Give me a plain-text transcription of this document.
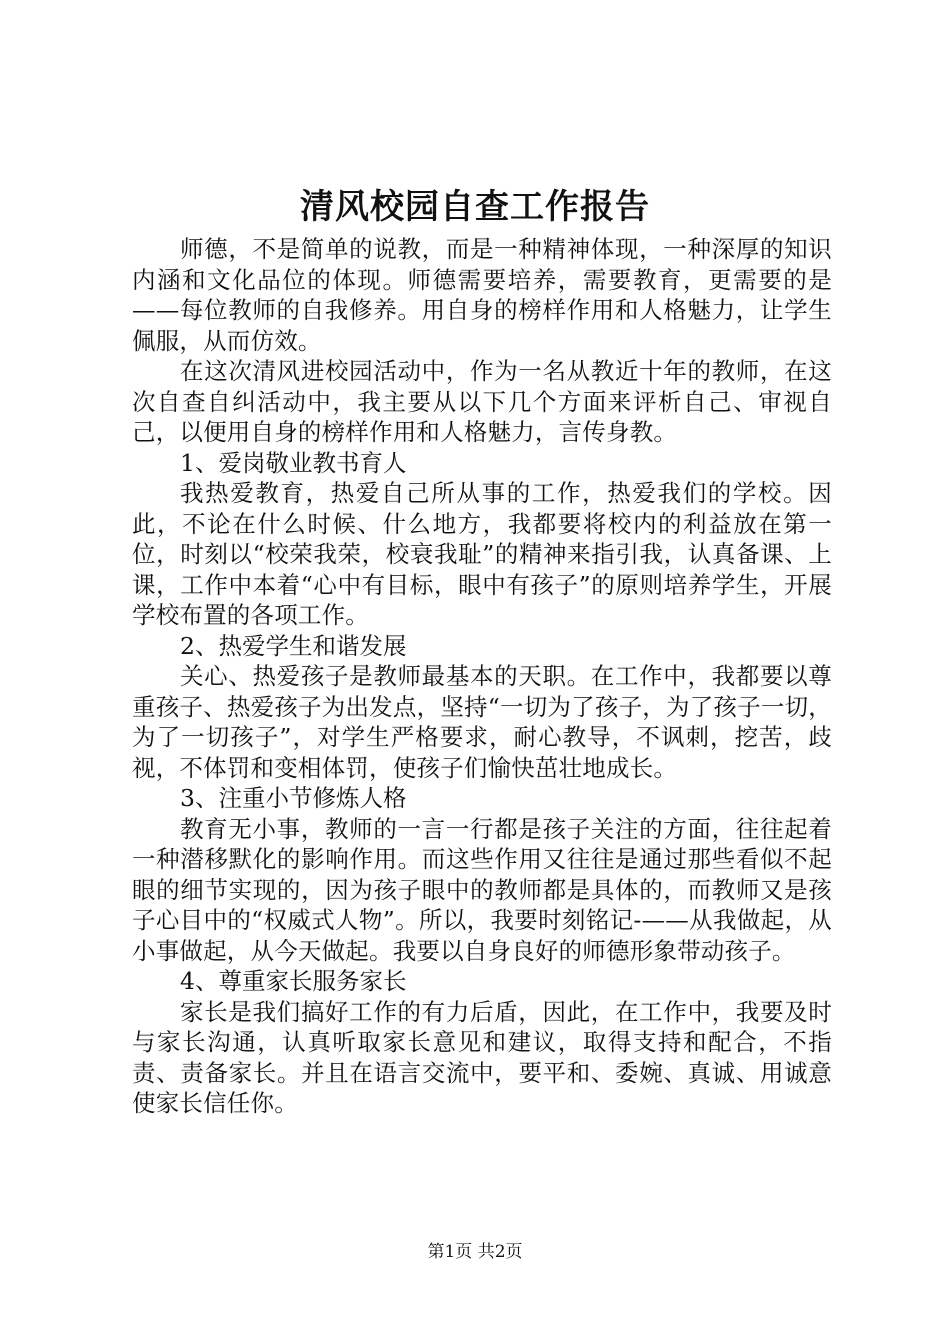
清风校园自查工作报告

师德，不是简单的说教，而是一种精神体现，一种深厚的知识内涵和文化品位的体现。师德需要培养，需要教育，更需要的是——每位教师的自我修养。用自身的榜样作用和人格魅力，让学生佩服，从而仿效。

在这次清风进校园活动中，作为一名从教近十年的教师，在这次自查自纠活动中，我主要从以下几个方面来评析自己、审视自己，以便用自身的榜样作用和人格魅力，言传身教。

1、爱岗敬业教书育人

我热爱教育，热爱自己所从事的工作，热爱我们的学校。因此，不论在什么时候、什么地方，我都要将校内的利益放在第一位，时刻以“校荣我荣，校衰我耻”的精神来指引我，认真备课、上课，工作中本着“心中有目标，眼中有孩子”的原则培养学生，开展学校布置的各项工作。

2、热爱学生和谐发展

关心、热爱孩子是教师最基本的天职。在工作中，我都要以尊重孩子、热爱孩子为出发点，坚持“一切为了孩子，为了孩子一切，为了一切孩子”，对学生严格要求，耐心教导，不讽刺，挖苦，歧视，不体罚和变相体罚，使孩子们愉快茁壮地成长。

3、注重小节修炼人格

教育无小事，教师的一言一行都是孩子关注的方面，往往起着一种潜移默化的影响作用。而这些作用又往往是通过那些看似不起眼的细节实现的，因为孩子眼中的教师都是具体的，而教师又是孩子心目中的“权威式人物”。所以，我要时刻铭记-——从我做起，从小事做起，从今天做起。我要以自身良好的师德形象带动孩子。

4、尊重家长服务家长

家长是我们搞好工作的有力后盾，因此，在工作中，我要及时与家长沟通，认真听取家长意见和建议，取得支持和配合，不指责、责备家长。并且在语言交流中，要平和、委婉、真诚、用诚意使家长信任你。

第1页 共2页
